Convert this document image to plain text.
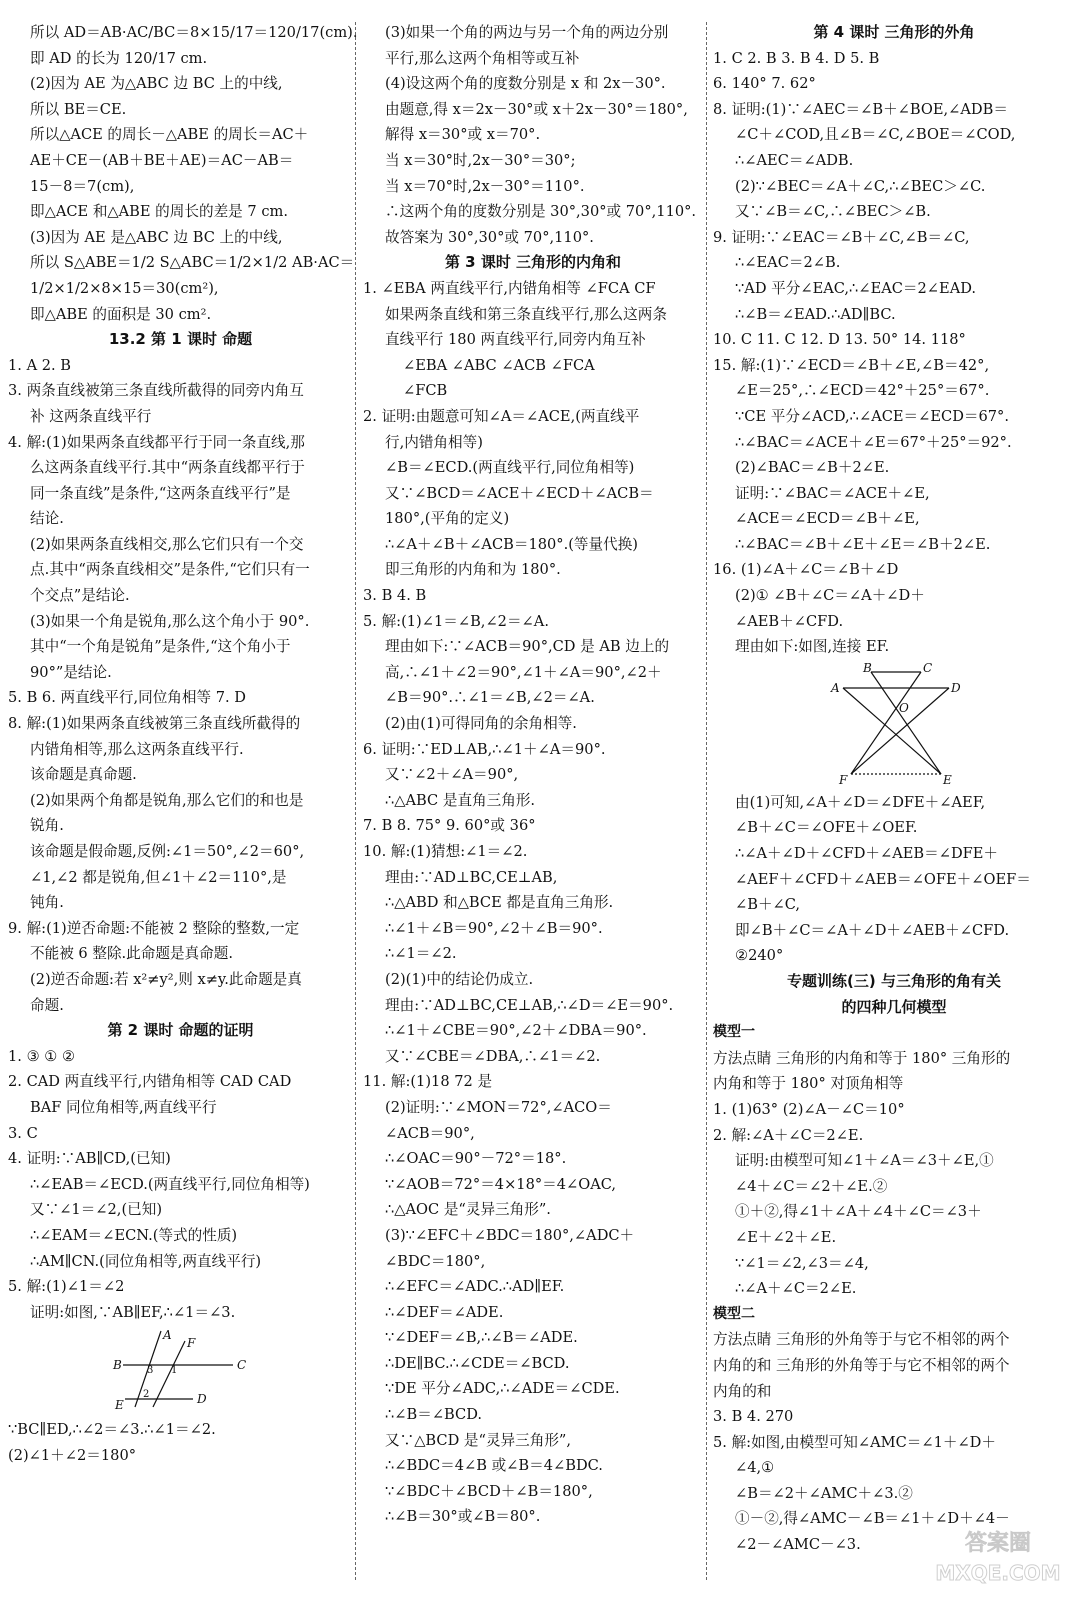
所以 AD＝AB·AC/BC＝8×15/17＝120/17(cm).
即 AD 的长为 120/17 cm.
(2)因为 AE 为△ABC 边 BC 上的中线,
所以 BE＝CE.
所以△ACE 的周长－△ABE 的周长＝AC＋
AE＋CE－(AB＋BE＋AE)＝AC－AB＝
15－8＝7(cm),
即△ACE 和△ABE 的周长的差是 7 cm.
(3)因为 AE 是△ABC 边 BC 上的中线,
所以 S△ABE＝1/2 S△ABC＝1/2×1/2 AB·AC＝
1/2×1/2×8×15＝30(cm²),
即△ABE 的面积是 30 cm².
13.2 第 1 课时 命题
1. A 2. B
3. 两条直线被第三条直线所截得的同旁内角互
补 这两条直线平行
4. 解:(1)如果两条直线都平行于同一条直线,那
么这两条直线平行.其中“两条直线都平行于
同一条直线”是条件,“这两条直线平行”是
结论.
(2)如果两条直线相交,那么它们只有一个交
点.其中“两条直线相交”是条件,“它们只有一
个交点”是结论.
(3)如果一个角是锐角,那么这个角小于 90°.
其中“一个角是锐角”是条件,“这个角小于
90°”是结论.
5. B 6. 两直线平行,同位角相等 7. D
8. 解:(1)如果两条直线被第三条直线所截得的
内错角相等,那么这两条直线平行.
该命题是真命题.
(2)如果两个角都是锐角,那么它们的和也是
锐角.
该命题是假命题,反例:∠1＝50°,∠2＝60°,
∠1,∠2 都是锐角,但∠1＋∠2＝110°,是
钝角.
9. 解:(1)逆否命题:不能被 2 整除的整数,一定
不能被 6 整除.此命题是真命题.
(2)逆否命题:若 x²≠y²,则 x≠y.此命题是真
命题.
第 2 课时 命题的证明
1. ③ ① ②
2. CAD 两直线平行,内错角相等 CAD CAD
BAF 同位角相等,两直线平行
3. C
4. 证明:∵AB∥CD,(已知)
∴∠EAB＝∠ECD.(两直线平行,同位角相等)
又∵∠1＝∠2,(已知)
∴∠EAM＝∠ECN.(等式的性质)
∴AM∥CN.(同位角相等,两直线平行)
5. 解:(1)∠1＝∠2
证明:如图,∵AB∥EF,∴∠1＝∠3.
A
F
B	3 1	C
E
2	D
∵BC∥ED,∴∠2＝∠3.∴∠1＝∠2.
(2)∠1＋∠2＝180°
(3)如果一个角的两边与另一个角的两边分别
平行,那么这两个角相等或互补
(4)设这两个角的度数分别是 x 和 2x－30°.
由题意,得 x＝2x－30°或 x＋2x－30°＝180°,
解得 x＝30°或 x＝70°.
当 x＝30°时,2x－30°＝30°;
当 x＝70°时,2x－30°＝110°.
∴这两个角的度数分别是 30°,30°或 70°,110°.
故答案为 30°,30°或 70°,110°.
第 3 课时 三角形的内角和
1. ∠EBA 两直线平行,内错角相等 ∠FCA CF
如果两条直线和第三条直线平行,那么这两条
直线平行 180 两直线平行,同旁内角互补
∠EBA ∠ABC ∠ACB ∠FCA
∠FCB
2. 证明:由题意可知∠A＝∠ACE,(两直线平
行,内错角相等)
∠B＝∠ECD.(两直线平行,同位角相等)
又∵∠BCD＝∠ACE＋∠ECD＋∠ACB＝
180°,(平角的定义)
∴∠A＋∠B＋∠ACB＝180°.(等量代换)
即三角形的内角和为 180°.
3. B 4. B
5. 解:(1)∠1＝∠B,∠2＝∠A.
理由如下:∵∠ACB＝90°,CD 是 AB 边上的
高,∴∠1＋∠2＝90°,∠1＋∠A＝90°,∠2＋
∠B＝90°.∴∠1＝∠B,∠2＝∠A.
(2)由(1)可得同角的余角相等.
6. 证明:∵ED⊥AB,∴∠1＋∠A＝90°.
又∵∠2＋∠A＝90°,
∴△ABC 是直角三角形.
7. B 8. 75° 9. 60°或 36°
10. 解:(1)猜想:∠1＝∠2.
理由:∵AD⊥BC,CE⊥AB,
∴△ABD 和△BCE 都是直角三角形.
∴∠1＋∠B＝90°,∠2＋∠B＝90°.
∴∠1＝∠2.
(2)(1)中的结论仍成立.
理由:∵AD⊥BC,CE⊥AB,∴∠D＝∠E＝90°.
∴∠1＋∠CBE＝90°,∠2＋∠DBA＝90°.
又∵∠CBE＝∠DBA,∴∠1＝∠2.
11. 解:(1)18 72 是
(2)证明:∵∠MON＝72°,∠ACO＝
∠ACB＝90°,
∴∠OAC＝90°－72°＝18°.
∵∠AOB＝72°＝4×18°＝4∠OAC,
∴△AOC 是“灵异三角形”.
(3)∵∠EFC＋∠BDC＝180°,∠ADC＋
∠BDC＝180°,
∴∠EFC＝∠ADC.∴AD∥EF.
∴∠DEF＝∠ADE.
∵∠DEF＝∠B,∴∠B＝∠ADE.
∴DE∥BC.∴∠CDE＝∠BCD.
∵DE 平分∠ADC,∴∠ADE＝∠CDE.
∴∠B＝∠BCD.
又∵△BCD 是“灵异三角形”,
∴∠BDC＝4∠B 或∠B＝4∠BDC.
∵∠BDC＋∠BCD＋∠B＝180°,
∴∠B＝30°或∠B＝80°.
第 4 课时 三角形的外角
1. C 2. B 3. B 4. D 5. B
6. 140° 7. 62°
8. 证明:(1)∵∠AEC＝∠B＋∠BOE,∠ADB＝
∠C＋∠COD,且∠B＝∠C,∠BOE＝∠COD,
∴∠AEC＝∠ADB.
(2)∵∠BEC＝∠A＋∠C,∴∠BEC＞∠C.
又∵∠B＝∠C,∴∠BEC＞∠B.
9. 证明:∵∠EAC＝∠B＋∠C,∠B＝∠C,
∴∠EAC＝2∠B.
∵AD 平分∠EAC,∴∠EAC＝2∠EAD.
∴∠B＝∠EAD.∴AD∥BC.
10. C 11. C 12. D 13. 50° 14. 118°
15. 解:(1)∵∠ECD＝∠B＋∠E,∠B＝42°,
∠E＝25°,∴∠ECD＝42°＋25°＝67°.
∵CE 平分∠ACD,∴∠ACE＝∠ECD＝67°.
∴∠BAC＝∠ACE＋∠E＝67°＋25°＝92°.
(2)∠BAC＝∠B＋2∠E.
证明:∵∠BAC＝∠ACE＋∠E,
∠ACE＝∠ECD＝∠B＋∠E,
∴∠BAC＝∠B＋∠E＋∠E＝∠B＋2∠E.
16. (1)∠A＋∠C＝∠B＋∠D
(2)① ∠B＋∠C＝∠A＋∠D＋
∠AEB＋∠CFD.
理由如下:如图,连接 EF.
B	C
A	D
O
F	E
由(1)可知,∠A＋∠D＝∠DFE＋∠AEF,
∠B＋∠C＝∠OFE＋∠OEF.
∴∠A＋∠D＋∠CFD＋∠AEB＝∠DFE＋
∠AEF＋∠CFD＋∠AEB＝∠OFE＋∠OEF＝
∠B＋∠C,
即∠B＋∠C＝∠A＋∠D＋∠AEB＋∠CFD.
②240°
专题训练(三) 与三角形的角有关
的四种几何模型
模型一
方法点睛 三角形的内角和等于 180° 三角形的
内角和等于 180° 对顶角相等
1. (1)63° (2)∠A－∠C＝10°
2. 解:∠A＋∠C＝2∠E.
证明:由模型可知∠1＋∠A＝∠3＋∠E,①
∠4＋∠C＝∠2＋∠E.②
①＋②,得∠1＋∠A＋∠4＋∠C＝∠3＋
∠E＋∠2＋∠E.
∵∠1＝∠2,∠3＝∠4,
∴∠A＋∠C＝2∠E.
模型二
方法点睛 三角形的外角等于与它不相邻的两个
内角的和 三角形的外角等于与它不相邻的两个
内角的和
3. B 4. 270
5. 解:如图,由模型可知∠AMC＝∠1＋∠D＋
∠4,①
∠B＝∠2＋∠AMC＋∠3.②
①－②,得∠AMC－∠B＝∠1＋∠D＋∠4－
∠2－∠AMC－∠3.	答案圈
MXQE.COM
